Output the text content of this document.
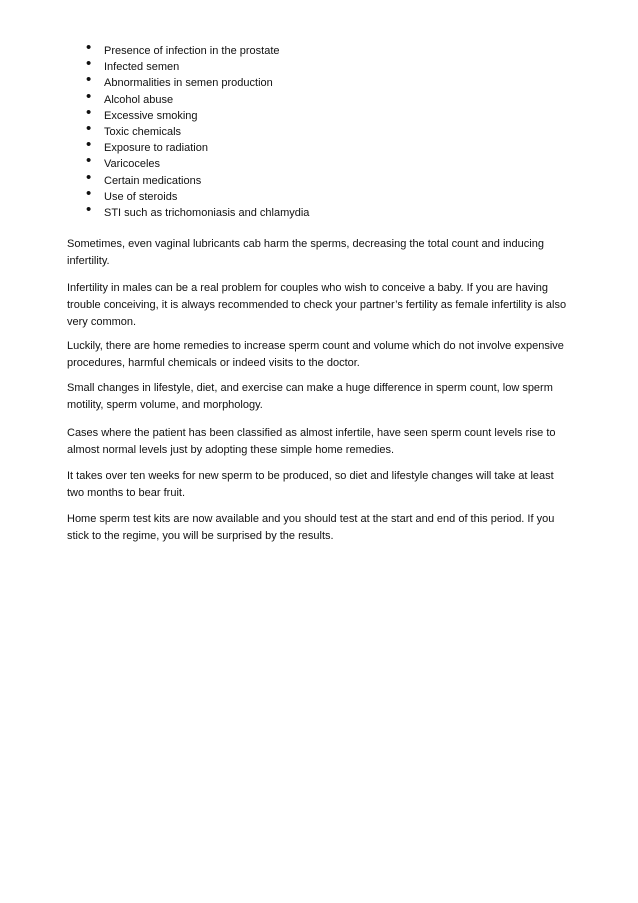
• Presence of infection in the prostate
• Infected semen
• Abnormalities in semen production
• Alcohol abuse
• Excessive smoking
• Toxic chemicals
• Exposure to radiation
• Varicoceles
• Certain medications
• Use of steroids
• STI such as trichomoniasis and chlamydia

Sometimes, even vaginal lubricants cab harm the sperms, decreasing the total count and inducing infertility.

Infertility in males can be a real problem for couples who wish to conceive a baby. If you are having trouble conceiving, it is always recommended to check your partner’s fertility as female infertility is also very common.

Luckily, there are home remedies to increase sperm count and volume which do not involve expensive procedures, harmful chemicals or indeed visits to the doctor.

Small changes in lifestyle, diet, and exercise can make a huge difference in sperm count, low sperm motility, sperm volume, and morphology.

Cases where the patient has been classified as almost infertile, have seen sperm count levels rise to almost normal levels just by adopting these simple home remedies.

It takes over ten weeks for new sperm to be produced, so diet and lifestyle changes will take at least two months to bear fruit.

Home sperm test kits are now available and you should test at the start and end of this period. If you stick to the regime, you will be surprised by the results.
